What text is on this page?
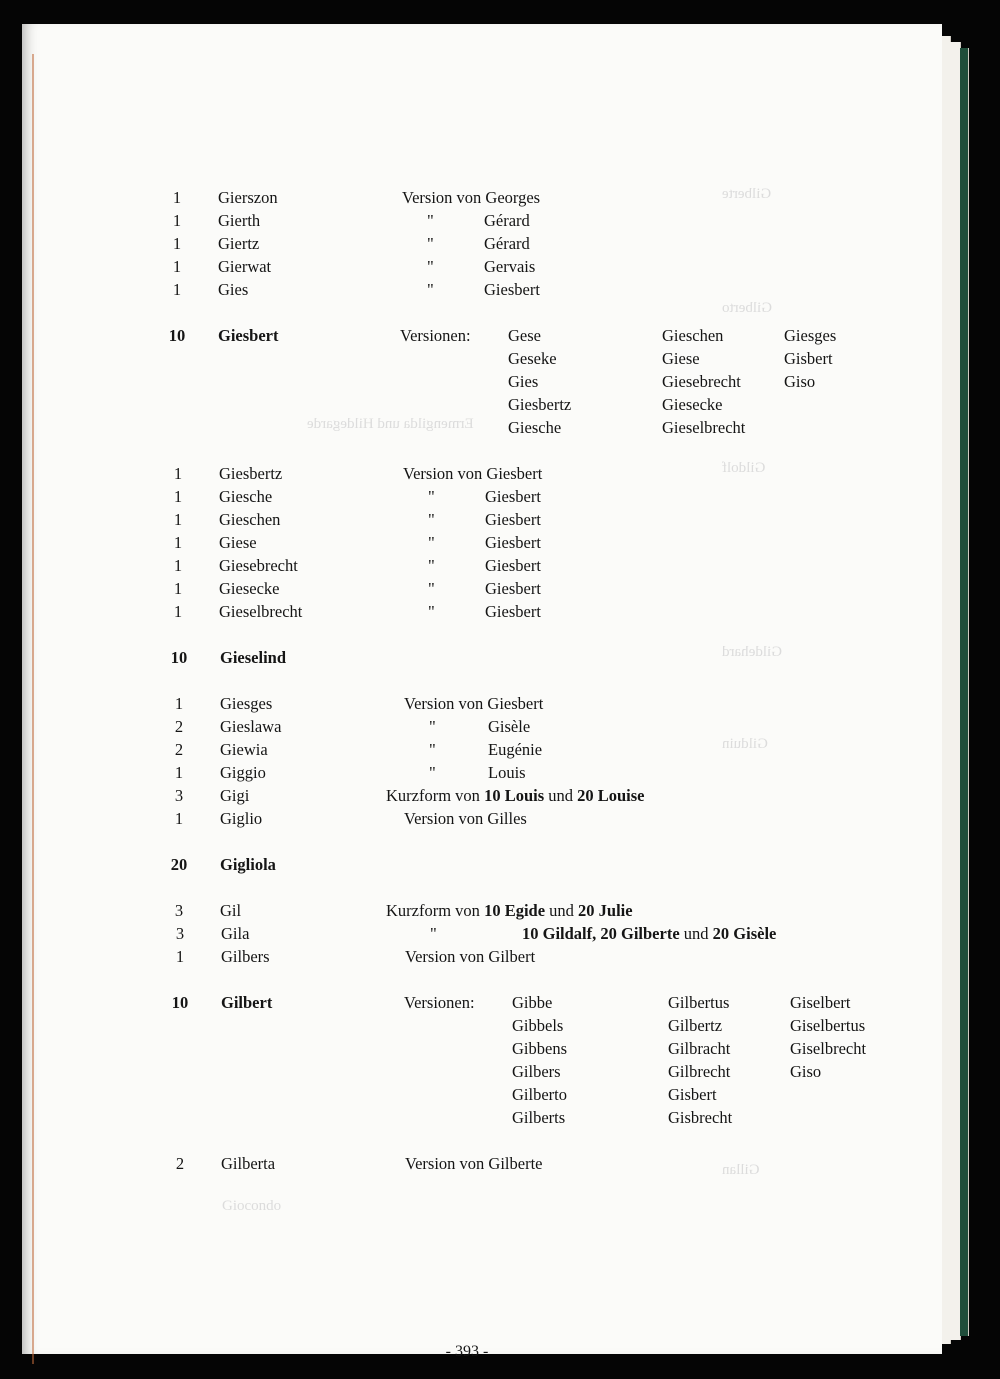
Gilberte
Gilberto
Ermengilda und Hildegarde
Gildolf
Gildehard
Gilduin
Gillan
Giocondo
1	Gierszon	Version von Georges
1	Gierth	"	Gérard
1	Giertz	"	Gérard
1	Gierwat	"	Gervais
1	Gies	"	Giesbert
10	Giesbert	Versionen: Gese	Gieschen	Giesges
Geseke	Giese	Gisbert
Gies	Giesebrecht	Giso
Giesbertz	Giesecke
Giesche	Gieselbrecht
1	Giesbertz	Version von Giesbert
1	Giesche	"	Giesbert
1	Gieschen	"	Giesbert
1	Giese	"	Giesbert
1	Giesebrecht	"	Giesbert
1	Giesecke	"	Giesbert
1	Gieselbrecht	"	Giesbert
10	Gieselind
1	Giesges	Version von Giesbert
2	Gieslawa	"	Gisèle
2	Giewia	"	Eugénie
1	Giggio	"	Louis
3	Gigi	Kurzform von 10 Louis und 20 Louise
1	Giglio	Version von Gilles
20	Gigliola
3	Gil	Kurzform von 10 Egide und 20 Julie
3	Gila	"	10 Gildalf, 20 Gilberte und 20 Gisèle
1	Gilbers	Version von Gilbert
10	Gilbert	Versionen: Gibbe	Gilbertus	Giselbert
Gibbels	Gilbertz	Giselbertus
Gibbens	Gilbracht	Giselbrecht
Gilbers	Gilbrecht	Giso
Gilberto	Gisbert
Gilberts	Gisbrecht
2	Gilberta	Version von Gilberte
- 393 -
